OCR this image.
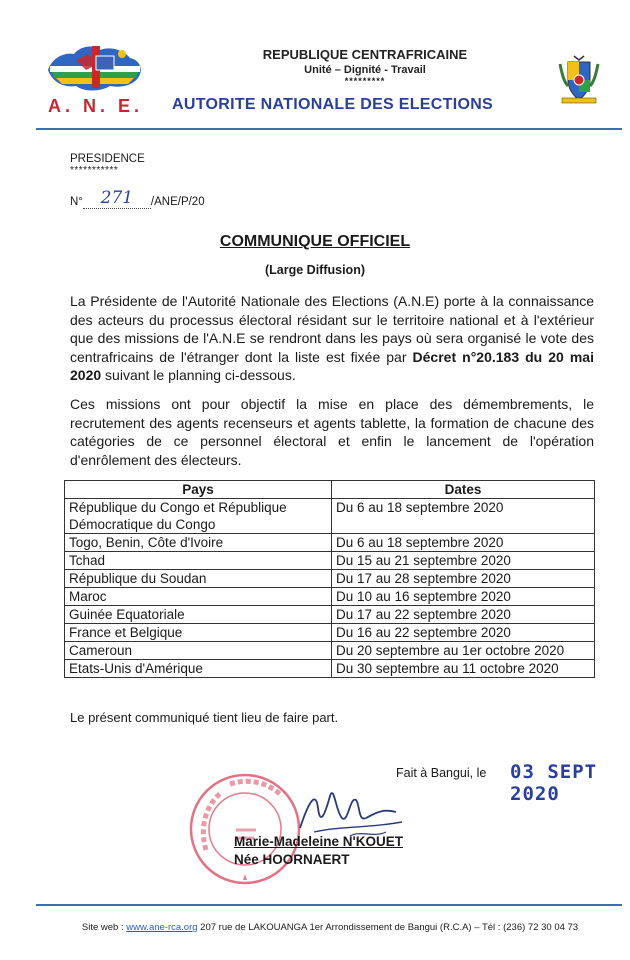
REPUBLIQUE CENTRAFRICAINE
Unité – Dignité - Travail
*********
A. N. E. AUTORITE NATIONALE DES ELECTIONS
PRESIDENCE
***********
N° 271 /ANE/P/20
COMMUNIQUE OFFICIEL
(Large Diffusion)
La Présidente de l'Autorité Nationale des Elections (A.N.E) porte à la connaissance des acteurs du processus électoral résidant sur le territoire national et à l'extérieur que des missions de l'A.N.E se rendront dans les pays où sera organisé le vote des centrafricains de l'étranger dont la liste est fixée par Décret n°20.183 du 20 mai 2020 suivant le planning ci-dessous.
Ces missions ont pour objectif la mise en place des démembrements, le recrutement des agents recenseurs et agents tablette, la formation de chacune des catégories de ce personnel électoral et enfin le lancement de l'opération d'enrôlement des électeurs.
Pays	Dates
République du Congo et République Démocratique du Congo	Du 6 au 18 septembre 2020
Togo, Benin, Côte d'Ivoire	Du 6 au 18 septembre 2020
Tchad	Du 15 au 21 septembre 2020
République du Soudan	Du 17 au 28 septembre 2020
Maroc	Du 10 au 16 septembre 2020
Guinée Equatoriale	Du 17 au 22 septembre 2020
France et Belgique	Du 16 au 22 septembre 2020
Cameroun	Du 20 septembre au 1er octobre 2020
Etats-Unis d'Amérique	Du 30 septembre au 11 octobre 2020
Le présent communiqué tient lieu de faire part.
Fait à Bangui, le 03 SEPT 2020
Marie-Madeleine N'KOUET
Née HOORNAERT
Site web : www.ane-rca.org 207 rue de LAKOUANGA 1er Arrondissement de Bangui (R.C.A) – Tél : (236) 72 30 04 73
